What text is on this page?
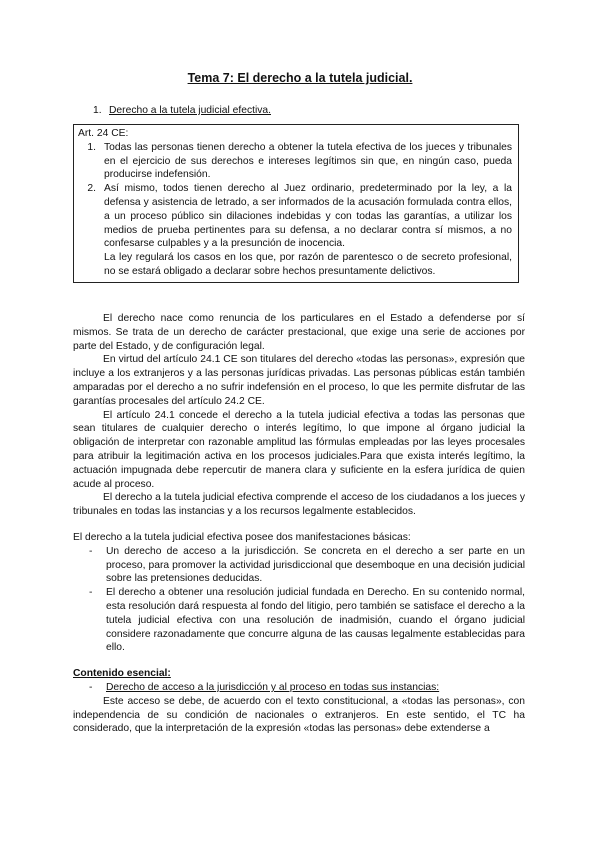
Tema 7: El derecho a la tutela judicial.
1. Derecho a la tutela judicial efectiva.
Art. 24 CE:
1. Todas las personas tienen derecho a obtener la tutela efectiva de los jueces y tribunales en el ejercicio de sus derechos e intereses legítimos sin que, en ningún caso, pueda producirse indefensión.
2. Así mismo, todos tienen derecho al Juez ordinario, predeterminado por la ley, a la defensa y asistencia de letrado, a ser informados de la acusación formulada contra ellos, a un proceso público sin dilaciones indebidas y con todas las garantías, a utilizar los medios de prueba pertinentes para su defensa, a no declarar contra sí mismos, a no confesarse culpables y a la presunción de inocencia.
La ley regulará los casos en los que, por razón de parentesco o de secreto profesional, no se estará obligado a declarar sobre hechos presuntamente delictivos.

El derecho nace como renuncia de los particulares en el Estado a defenderse por sí mismos. Se trata de un derecho de carácter prestacional, que exige una serie de acciones por parte del Estado, y de configuración legal.

En virtud del artículo 24.1 CE son titulares del derecho «todas las personas», expresión que incluye a los extranjeros y a las personas jurídicas privadas. Las personas públicas están también amparadas por el derecho a no sufrir indefensión en el proceso, lo que les permite disfrutar de las garantías procesales del artículo 24.2 CE.

El artículo 24.1 concede el derecho a la tutela judicial efectiva a todas las personas que sean titulares de cualquier derecho o interés legítimo, lo que impone al órgano judicial la obligación de interpretar con razonable amplitud las fórmulas empleadas por las leyes procesales para atribuir la legitimación activa en los procesos judiciales.Para que exista interés legítimo, la actuación impugnada debe repercutir de manera clara y suficiente en la esfera jurídica de quien acude al proceso.

El derecho a la tutela judicial efectiva comprende el acceso de los ciudadanos a los jueces y tribunales en todas las instancias y a los recursos legalmente establecidos.

El derecho a la tutela judicial efectiva posee dos manifestaciones básicas:

-	Un derecho de acceso a la jurisdicción. Se concreta en el derecho a ser parte en un proceso, para promover la actividad jurisdiccional que desemboque en una decisión judicial sobre las pretensiones deducidas.
-	El derecho a obtener una resolución judicial fundada en Derecho. En su contenido normal, esta resolución dará respuesta al fondo del litigio, pero también se satisface el derecho a la tutela judicial efectiva con una resolución de inadmisión, cuando el órgano judicial considere razonadamente que concurre alguna de las causas legalmente establecidas para ello.

Contenido esencial:

-	Derecho de acceso a la jurisdicción y al proceso en todas sus instancias:

Este acceso se debe, de acuerdo con el texto constitucional, a «todas las personas», con independencia de su condición de nacionales o extranjeros. En este sentido, el TC ha considerado, que la interpretación de la expresión «todas las personas» debe extenderse a
